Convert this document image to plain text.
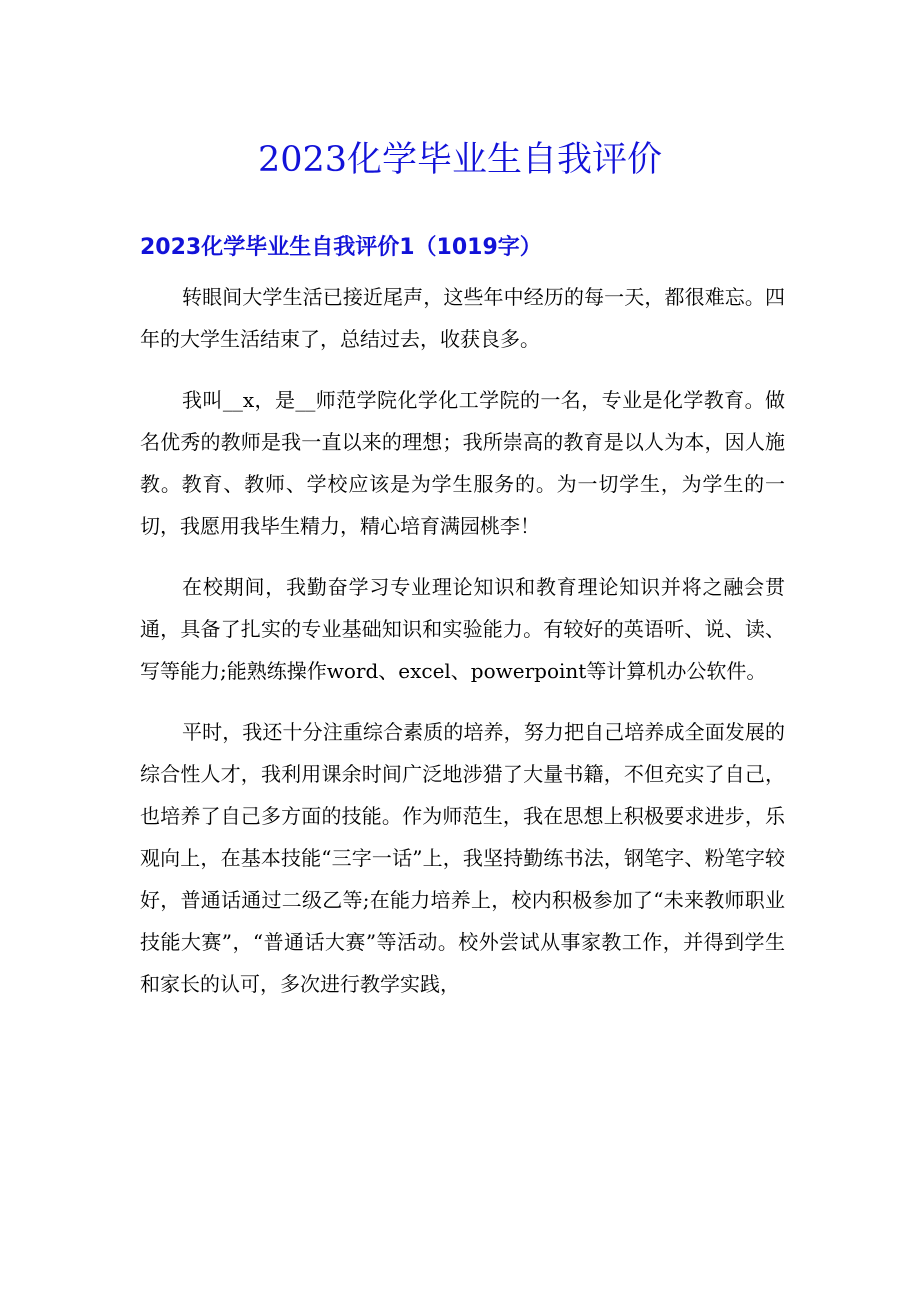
2023化学毕业生自我评价
2023化学毕业生自我评价1（1019字）

转眼间大学生活已接近尾声，这些年中经历的每一天，都很难忘。四年的大学生活结束了，总结过去，收获良多。

我叫__x，是__师范学院化学化工学院的一名，专业是化学教育。做名优秀的教师是我一直以来的理想；我所崇高的教育是以人为本，因人施教。教育、教师、学校应该是为学生服务的。为一切学生，为学生的一切，我愿用我毕生精力，精心培育满园桃李！

在校期间，我勤奋学习专业理论知识和教育理论知识并将之融会贯通，具备了扎实的专业基础知识和实验能力。有较好的英语听、说、读、写等能力;能熟练操作word、excel、powerpoint等计算机办公软件。

平时，我还十分注重综合素质的培养，努力把自己培养成全面发展的综合性人才，我利用课余时间广泛地涉猎了大量书籍，不但充实了自己，也培养了自己多方面的技能。作为师范生，我在思想上积极要求进步，乐观向上，在基本技能“三字一话”上，我坚持勤练书法，钢笔字、粉笔字较好，普通话通过二级乙等;在能力培养上，校内积极参加了“未来教师职业技能大赛”，“普通话大赛”等活动。校外尝试从事家教工作，并得到学生和家长的认可，多次进行教学实践，
